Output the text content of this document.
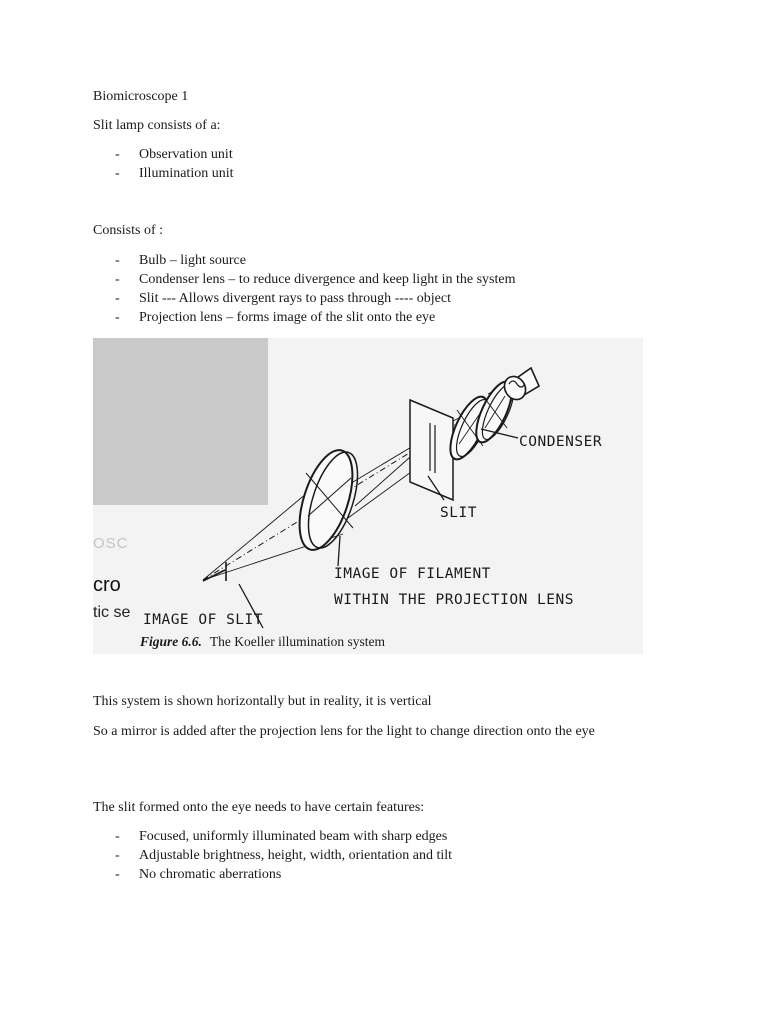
Biomicroscope 1

Slit lamp consists of a:

- Observation unit
- Illumination unit

Consists of :

- Bulb – light source
- Condenser lens – to reduce divergence and keep light in the system
- Slit --- Allows divergent rays to pass through ---- object
- Projection lens – forms image of the slit onto the eye
OSC
cro
tic se
CONDENSER
SLIT
IMAGE OF FILAMENT
WITHIN THE PROJECTION LENS
IMAGE OF SLIT
Figure 6.6. The Koeller illumination system

This system is shown horizontally but in reality, it is vertical

So a mirror is added after the projection lens for the light to change direction onto the eye

The slit formed onto the eye needs to have certain features:

- Focused, uniformly illuminated beam with sharp edges
- Adjustable brightness, height, width, orientation and tilt
- No chromatic aberrations
